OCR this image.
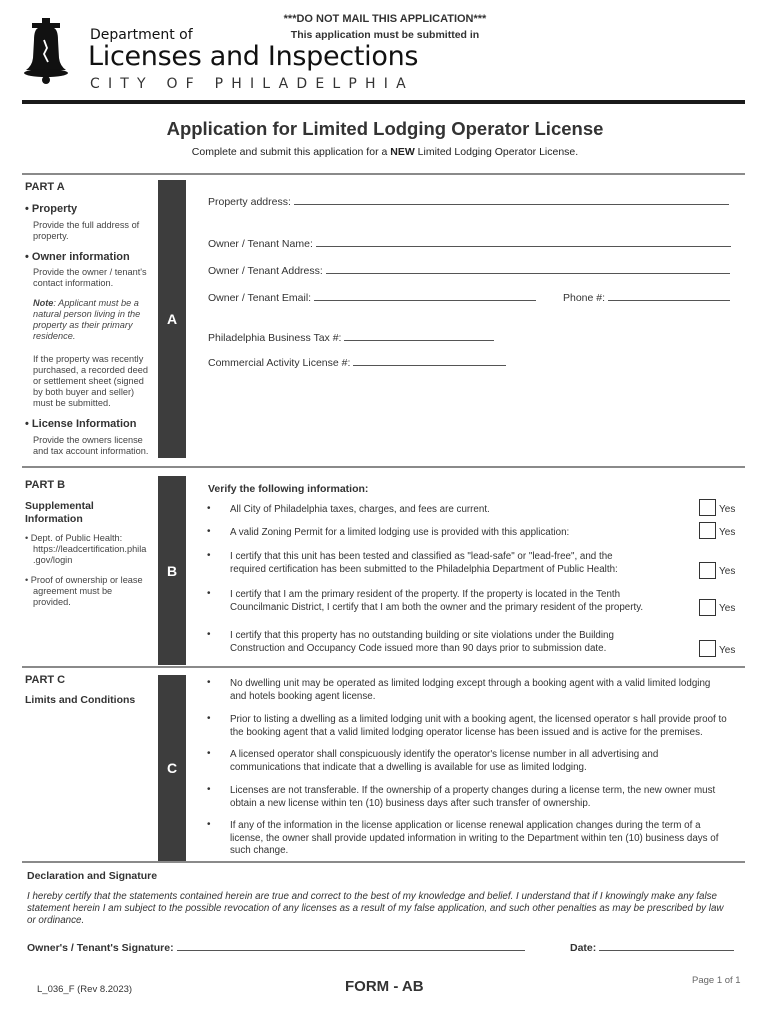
Department of
Licenses and Inspections
CITY OF PHILADELPHIA
***DO NOT MAIL THIS APPLICATION***
This application must be submitted in
Application for Limited Lodging Operator License
Complete and submit this application for a NEW Limited Lodging Operator License.
PART A
A
• Property
Provide the full address of
property.
• Owner information
Provide the owner / tenant's
contact information.
Note: Applicant must be a
natural person living in the
property as their primary
residence.
If the property was recently
purchased, a recorded deed
or settlement sheet (signed
by both buyer and seller)
must be submitted.
• License Information
Provide the owners license
and tax account information.
Property address:
Owner / Tenant Name:
Owner / Tenant Address:
Owner / Tenant Email:	Phone #:
Philadelphia Business Tax #:
Commercial Activity License #:
PART B
B
Supplemental
Information
• Dept. of Public Health:
https://leadcertification.phila
.gov/login
• Proof of ownership or lease
agreement must be
provided.
Verify the following information:
• All City of Philadelphia taxes, charges, and fees are current.	Yes
• A valid Zoning Permit for a limited lodging use is provided with this application:	Yes
• I certify that this unit has been tested and classified as "lead-safe" or "lead-free", and the
required certification has been submitted to the Philadelphia Department of Public Health:	Yes
• I certify that I am the primary resident of the property. If the property is located in the Tenth
Councilmanic District, I certify that I am both the owner and the primary resident of the property.	Yes
• I certify that this property has no outstanding building or site violations under the Building
Construction and Occupancy Code issued more than 90 days prior to submission date.	Yes
PART C
C
Limits and Conditions
• No dwelling unit may be operated as limited lodging except through a booking agent with a valid limited lodging
and hotels booking agent license.
• Prior to listing a dwelling as a limited lodging unit with a booking agent, the licensed operator s hall provide proof to
the booking agent that a valid limited lodging operator license has been issued and is active for the premises.
• A licensed operator shall conspicuously identify the operator's license number in all advertising and
communications that indicate that a dwelling is available for use as limited lodging.
• Licenses are not transferable. If the ownership of a property changes during a license term, the new owner must
obtain a new license within ten (10) business days after such transfer of ownership.
• If any of the information in the license application or license renewal application changes during the term of a
license, the owner shall provide updated information in writing to the Department within ten (10) business days of
such change.
Declaration and Signature
I hereby certify that the statements contained herein are true and correct to the best of my knowledge and belief. I understand that if I knowingly make any false
statement herein I am subject to the possible revocation of any licenses as a result of my false application, and such other penalties as may be prescribed by law
or ordinance.
Owner's / Tenant's Signature:	Date:
L_036_F (Rev 8.2023)	FORM - AB	Page 1 of 1
